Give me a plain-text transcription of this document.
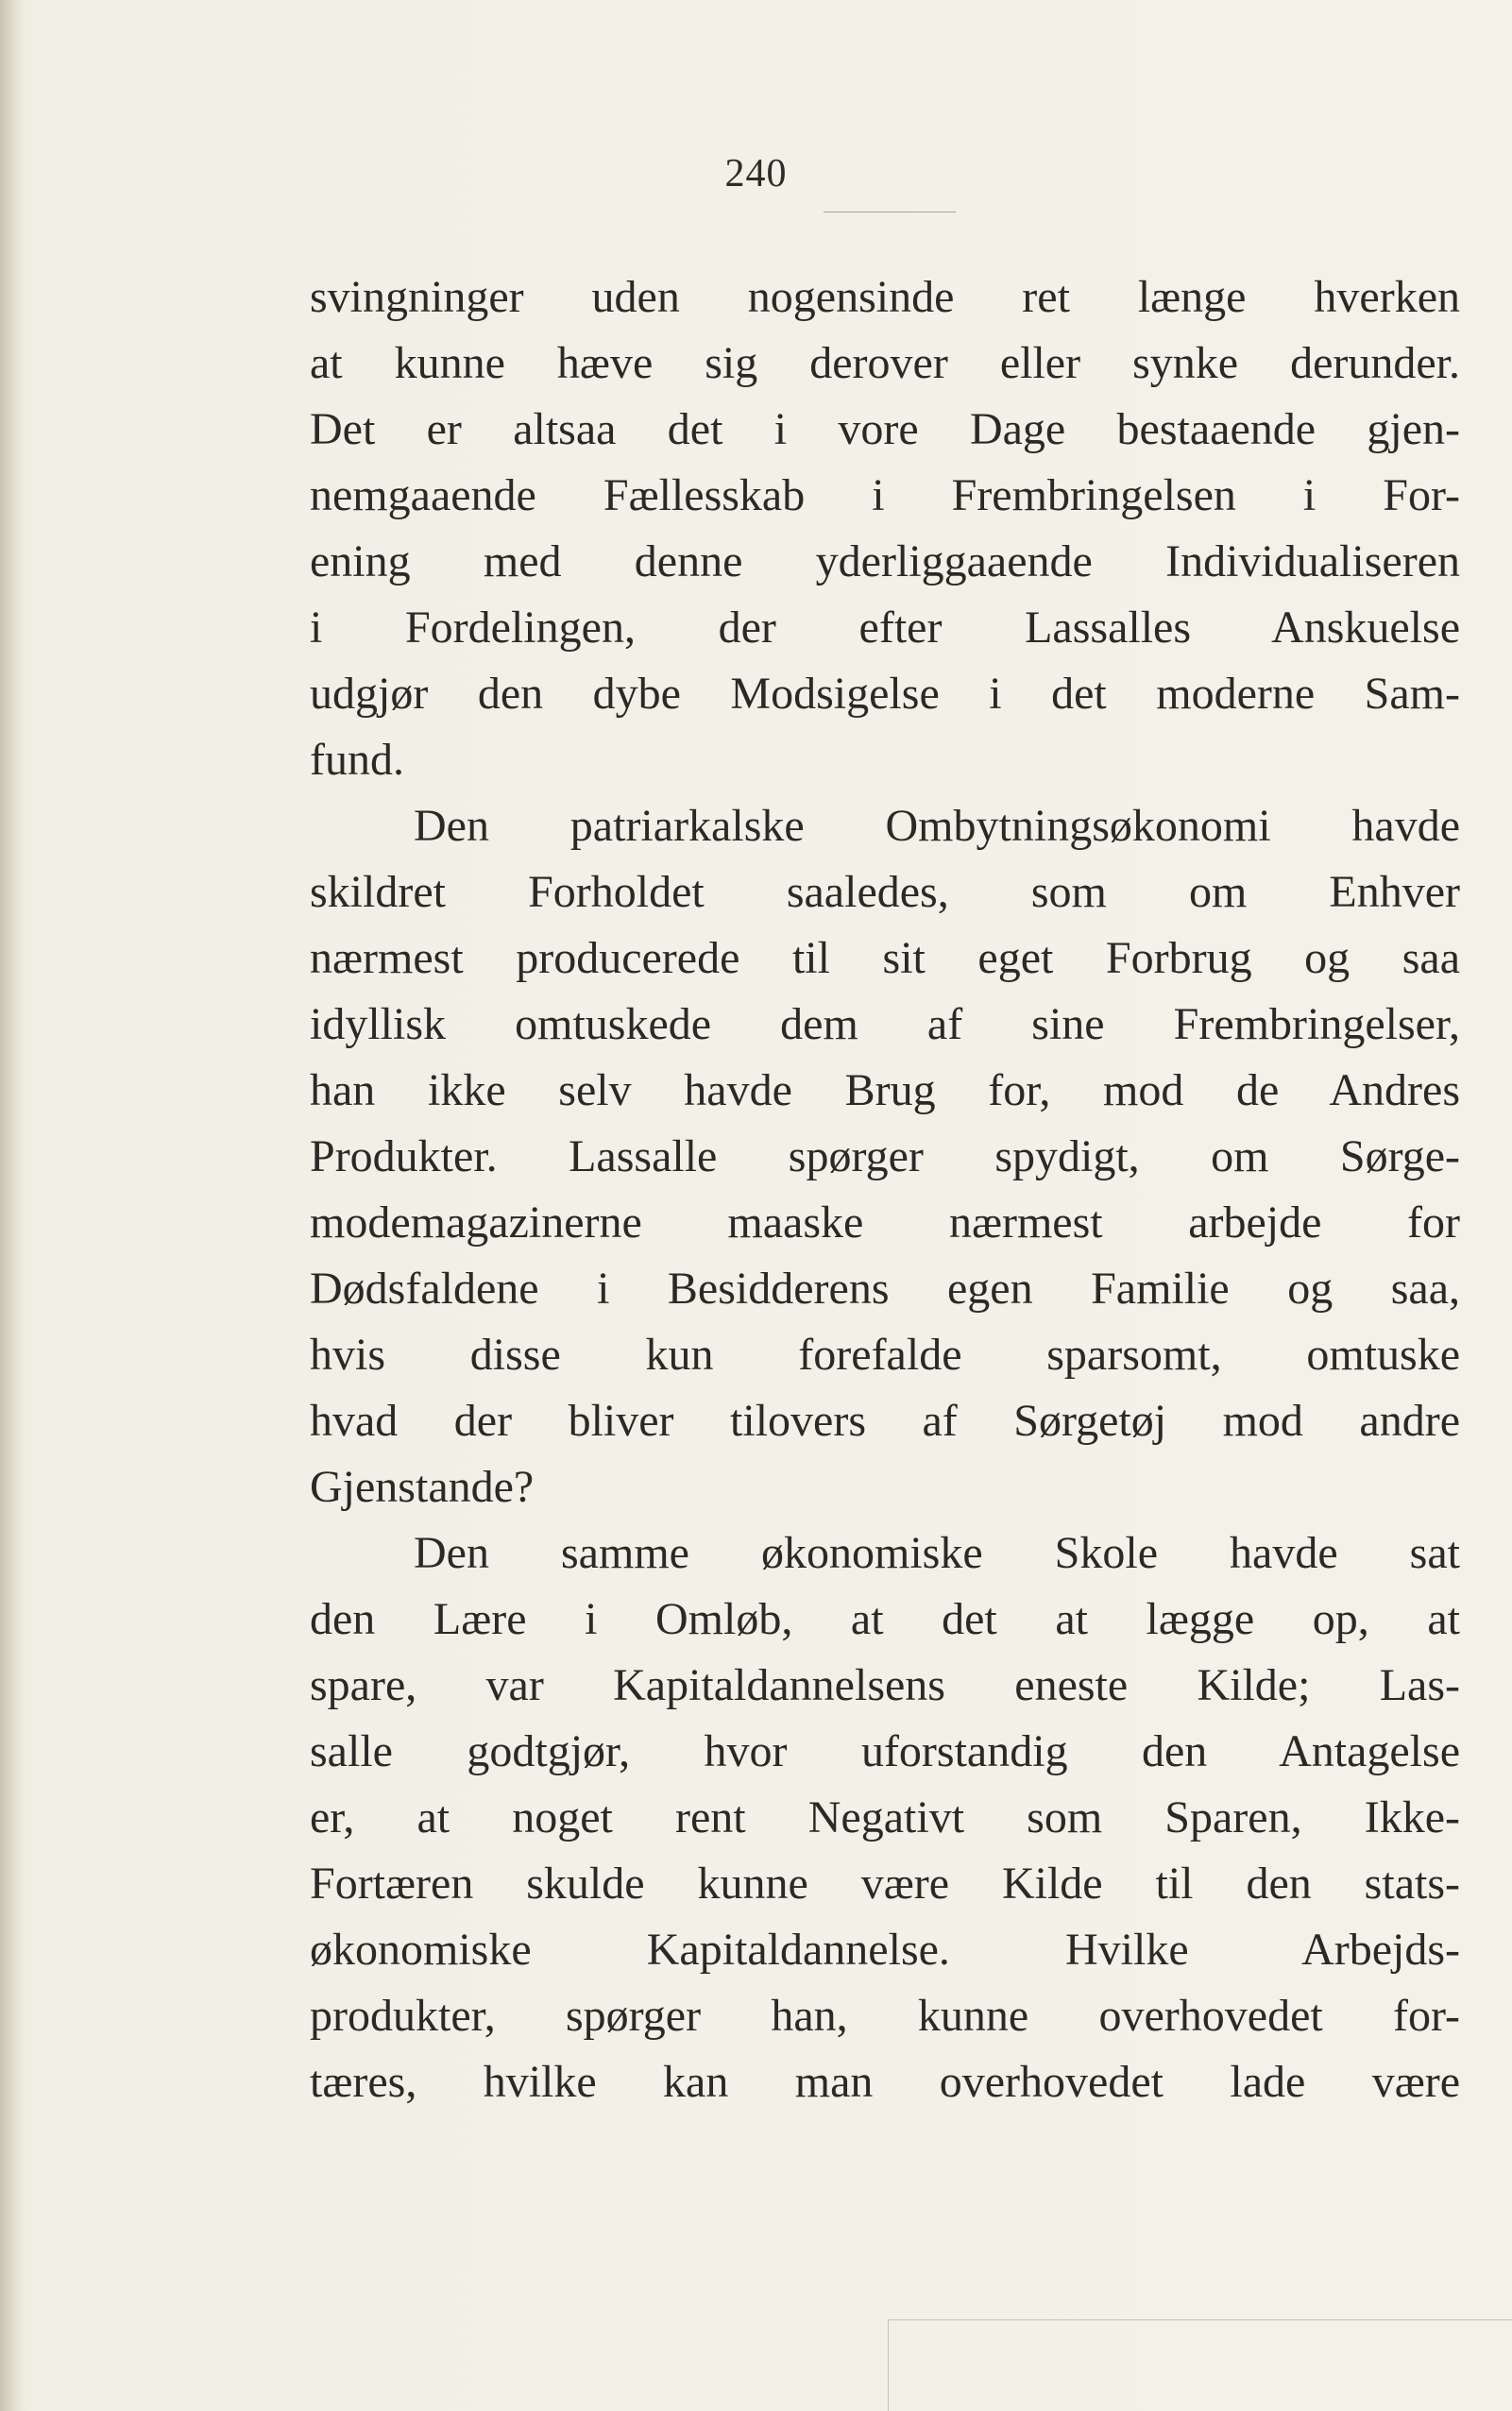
240
svingninger uden nogensinde ret længe hverken
at kunne hæve sig derover eller synke derunder.
Det er altsaa det i vore Dage bestaaende gjen-
nemgaaende Fællesskab i Frembringelsen i For-
ening med denne yderliggaaende Individualiseren
i Fordelingen, der efter Lassalles Anskuelse
udgjør den dybe Modsigelse i det moderne Sam-
fund.
Den patriarkalske Ombytningsøkonomi havde
skildret Forholdet saaledes, som om Enhver
nærmest producerede til sit eget Forbrug og saa
idyllisk omtuskede dem af sine Frembringelser,
han ikke selv havde Brug for, mod de Andres
Produkter. Lassalle spørger spydigt, om Sørge-
modemagazinerne maaske nærmest arbejde for
Dødsfaldene i Besidderens egen Familie og saa,
hvis disse kun forefalde sparsomt, omtuske
hvad der bliver tilovers af Sørgetøj mod andre
Gjenstande?
Den samme økonomiske Skole havde sat
den Lære i Omløb, at det at lægge op, at
spare, var Kapitaldannelsens eneste Kilde; Las-
salle godtgjør, hvor uforstandig den Antagelse
er, at noget rent Negativt som Sparen, Ikke-
Fortæren skulde kunne være Kilde til den stats-
økonomiske Kapitaldannelse. Hvilke Arbejds-
produkter, spørger han, kunne overhovedet for-
tæres, hvilke kan man overhovedet lade være
